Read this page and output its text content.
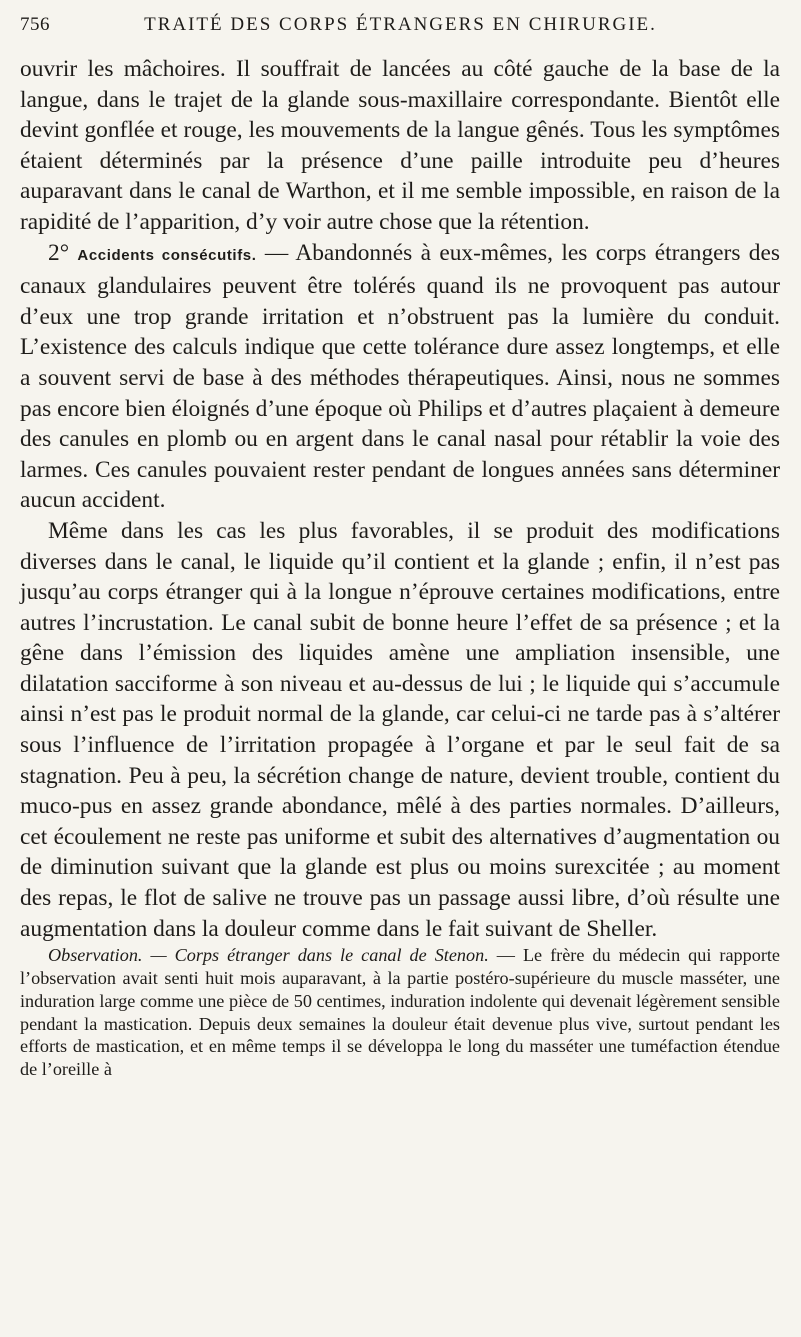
756	TRAITÉ DES CORPS ÉTRANGERS EN CHIRURGIE.

ouvrir les mâchoires. Il souffrait de lancées au côté gauche de la base de la langue, dans le trajet de la glande sous-maxillaire correspondante. Bientôt elle devint gonflée et rouge, les mouvements de la langue gênés. Tous les symptômes étaient déterminés par la présence d’une paille introduite peu d’heures auparavant dans le canal de Warthon, et il me semble impossible, en raison de la rapidité de l’apparition, d’y voir autre chose que la rétention.

2° Accidents consécutifs. — Abandonnés à eux-mêmes, les corps étrangers des canaux glandulaires peuvent être tolérés quand ils ne provoquent pas autour d’eux une trop grande irritation et n’obstruent pas la lumière du conduit. L’existence des calculs indique que cette tolérance dure assez longtemps, et elle a souvent servi de base à des méthodes thérapeutiques. Ainsi, nous ne sommes pas encore bien éloignés d’une époque où Philips et d’autres plaçaient à demeure des canules en plomb ou en argent dans le canal nasal pour rétablir la voie des larmes. Ces canules pouvaient rester pendant de longues années sans déterminer aucun accident.

Même dans les cas les plus favorables, il se produit des modifications diverses dans le canal, le liquide qu’il contient et la glande ; enfin, il n’est pas jusqu’au corps étranger qui à la longue n’éprouve certaines modifications, entre autres l’incrustation. Le canal subit de bonne heure l’effet de sa présence ; et la gêne dans l’émission des liquides amène une ampliation insensible, une dilatation sacciforme à son niveau et au-dessus de lui ; le liquide qui s’accumule ainsi n’est pas le produit normal de la glande, car celui-ci ne tarde pas à s’altérer sous l’influence de l’irritation propagée à l’organe et par le seul fait de sa stagnation. Peu à peu, la sécrétion change de nature, devient trouble, contient du muco-pus en assez grande abondance, mêlé à des parties normales. D’ailleurs, cet écoulement ne reste pas uniforme et subit des alternatives d’augmentation ou de diminution suivant que la glande est plus ou moins surexcitée ; au moment des repas, le flot de salive ne trouve pas un passage aussi libre, d’où résulte une augmentation dans la douleur comme dans le fait suivant de Sheller.

Observation. — Corps étranger dans le canal de Stenon. — Le frère du médecin qui rapporte l’observation avait senti huit mois auparavant, à la partie postéro-supérieure du muscle masséter, une induration large comme une pièce de 50 centimes, induration indolente qui devenait légèrement sensible pendant la mastication. Depuis deux semaines la douleur était devenue plus vive, surtout pendant les efforts de mastication, et en même temps il se développa le long du masséter une tuméfaction étendue de l’oreille à
